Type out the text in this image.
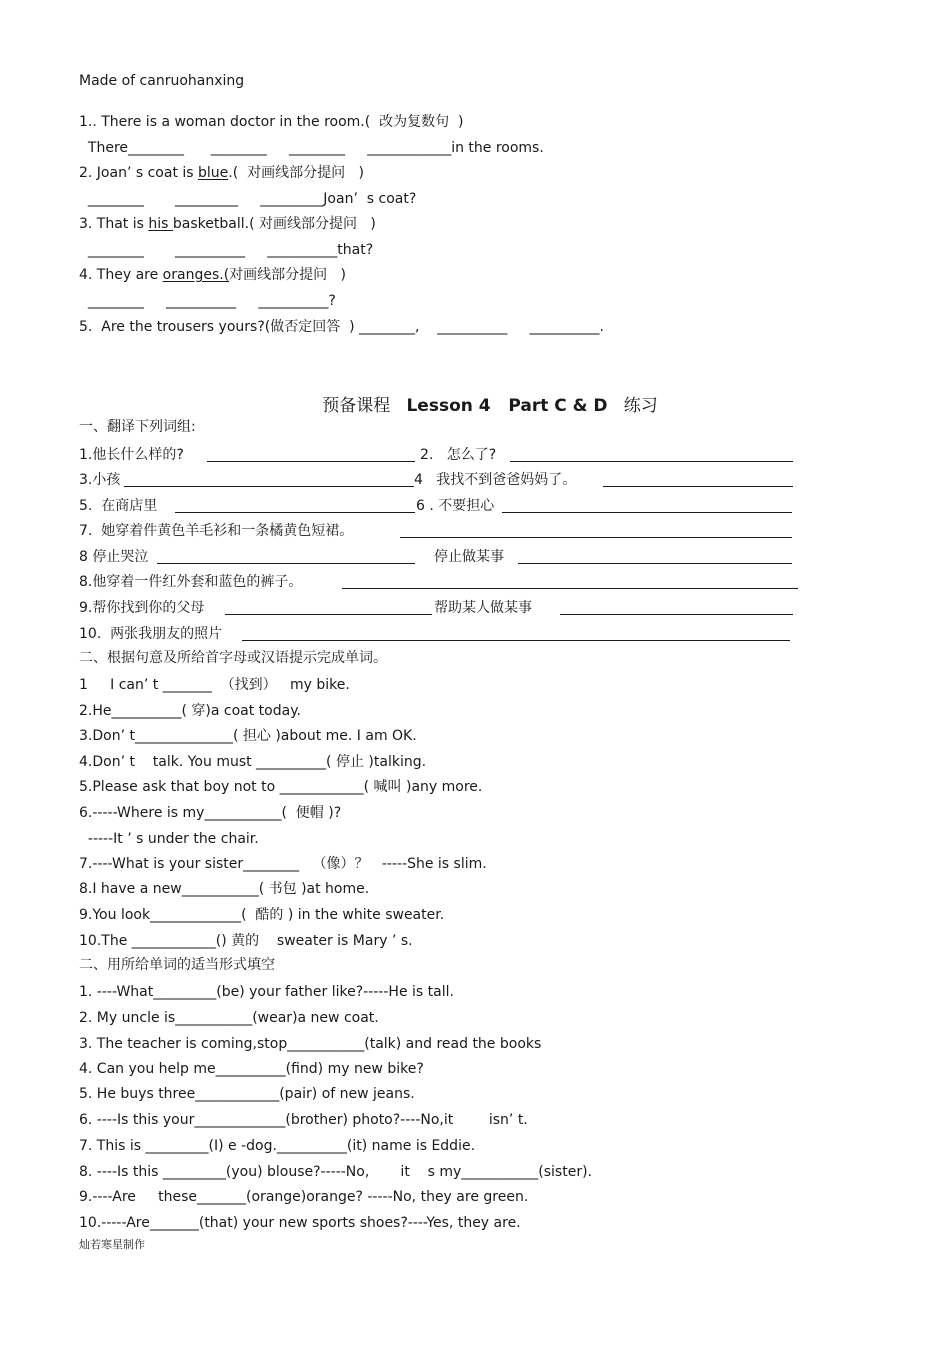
Made of canruohanxing
1.. There is a woman doctor in the room.(  改为复数句  )
There________      ________     ________     ____________in the rooms.
2. Joan’ s coat is blue.(  对画线部分提问   )
________       _________     _________Joan’  s coat?
3. That is his basketball.( 对画线部分提问   )
________       __________     __________that?
4. They are oranges.(对画线部分提问   )
________     __________     __________?
5.  Are the trousers yours?(做否定回答  ) ________,    __________     __________.
预备课程 Lesson 4   Part C & D 练习
一、翻译下列词组:
1.他长什么样的?	2.   怎么了?
3.小孩	4   我找不到爸爸妈妈了。
5.  在商店里	6 . 不要担心
7.  她穿着件黄色羊毛衫和一条橘黄色短裙。
8 停止哭泣	停止做某事
8.他穿着一件红外套和蓝色的裤子。
9.帮你找到你的父母	帮助某人做某事
10.  两张我朋友的照片
二、根据句意及所给首字母或汉语提示完成单词。
1     I can’ t _______  （找到）   my bike.
2.He__________( 穿)a coat today.
3.Don’ t______________( 担心 )about me. I am OK.
4.Don’ t    talk. You must __________( 停止 )talking.
5.Please ask that boy not to ____________( 喊叫 )any more.
6.-----Where is my___________(  便帽 )?
-----It ’ s under the chair.
7.----What is your sister________   （像）？   -----She is slim.
8.I have a new___________( 书包 )at home.
9.You look_____________(  酷的 ) in the white sweater.
10.The ____________() 黄的    sweater is Mary ’ s.
二、用所给单词的适当形式填空
1. ----What_________(be) your father like?-----He is tall.
2. My uncle is___________(wear)a new coat.
3. The teacher is coming,stop___________(talk) and read the books
4. Can you help me__________(find) my new bike?
5. He buys three____________(pair) of new jeans.
6. ----Is this your_____________(brother) photo?----No,it        isn’ t.
7. This is _________(I) e -dog.__________(it) name is Eddie.
8. ----Is this _________(you) blouse?-----No,       it    s my___________(sister).
9.----Are     these_______(orange)orange? -----No, they are green.
10.-----Are_______(that) your new sports shoes?----Yes, they are.
灿若寒星制作
